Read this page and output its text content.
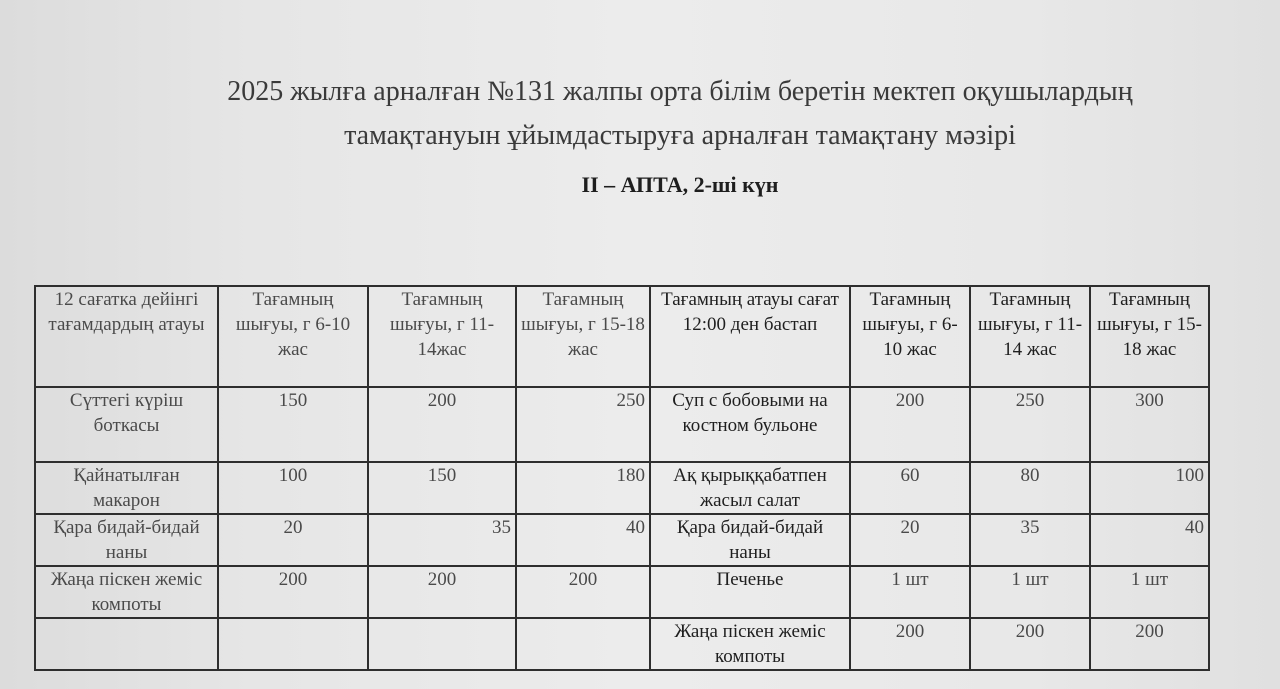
2025 жылға арналған №131 жалпы орта білім беретін мектеп оқушылардың
тамақтануын ұйымдастыруға арналған тамақтану мәзірі
II – АПТА, 2-ші күн
12 сағатка дейінгі тағамдардың атауы	Тағамның шығуы, г 6-10 жас	Тағамның шығуы, г 11-14жас	Тағамның шығуы, г 15-18 жас	Тағамның атауы сағат 12:00 ден бастап	Тағамның шығуы, г 6-10 жас	Тағамның шығуы, г 11-14 жас	Тағамның шығуы, г 15-18 жас
Сүттегі күріш боткасы	150	200	250	Суп с бобовыми на костном бульоне	200	250	300
Қайнатылған макарон	100	150	180	Ақ қырыққабатпен жасыл салат	60	80	100
Қара бидай-бидай наны	20	35	40	Қара бидай-бидай наны	20	35	40
Жаңа піскен жеміс компоты	200	200	200	Печенье	1 шт	1 шт	1 шт
				Жаңа піскен жеміс компоты	200	200	200
